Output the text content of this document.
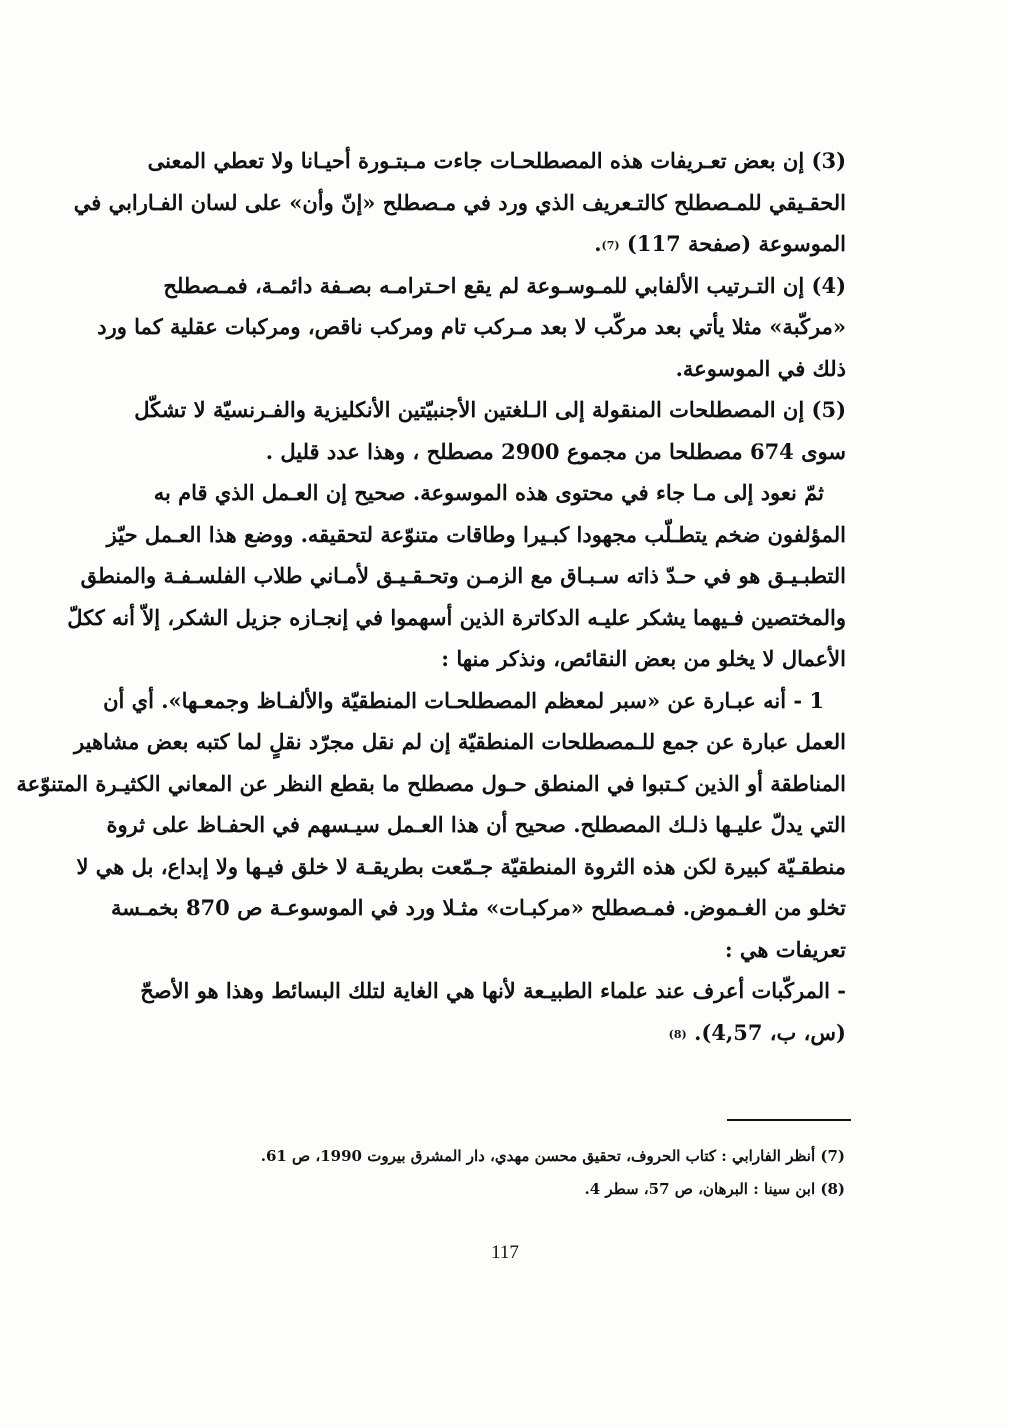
(3) إن بعض تعـريفات هذه المصطلحـات جاءت مـبتـورة أحيـانا ولا تعطي المعنى
الحقـيقي للمـصطلح كالتـعريف الذي ورد في مـصطلح «إنّ وأن» على لسان الفـارابي في
الموسوعة (صفحة 117) (7).
(4) إن التـرتيب الألفابي للمـوسـوعة لم يقع احـترامـه بصـفة دائمـة، فمـصطلح
«مركّبة» مثلا يأتي بعد مركّب لا بعد مـركب تام ومركب ناقص، ومركبات عقلية كما ورد
ذلك في الموسوعة.
(5) إن المصطلحات المنقولة إلى الـلغتين الأجنبيّتين الأنكليزية والفـرنسيّة لا تشكّل
سوى 674 مصطلحا من مجموع 2900 مصطلح ، وهذا عدد قليل .
ثمّ نعود إلى مـا جاء في محتوى هذه الموسوعة. صحيح إن العـمل الذي قام به
المؤلفون ضخم يتطـلّب مجهودا كبـيرا وطاقات متنوّعة لتحقيقه. ووضع هذا العـمل حيّز
التطبـيـق هو في حـدّ ذاته سـبـاق مع الزمـن وتحـقـيـق لأمـاني طلاب الفلسـفـة والمنطق
والمختصين فـيهما يشكر عليـه الدكاترة الذين أسهموا في إنجـازه جزيل الشكر، إلاّ أنه ككلّ
الأعمال لا يخلو من بعض النقائص، ونذكر منها :
1 - أنه عبـارة عن «سبر لمعظم المصطلحـات المنطقيّة والألفـاظ وجمعـها». أي أن
العمل عبارة عن جمع للـمصطلحات المنطقيّة إن لم نقل مجرّد نقلٍ لما كتبه بعض مشاهير
المناطقة أو الذين كـتبوا في المنطق حـول مصطلح ما بقطع النظر عن المعاني الكثيـرة المتنوّعة
التي يدلّ عليـها ذلـك المصطلح. صحيح أن هذا العـمل سيـسهم في الحفـاظ على ثروة
منطقـيّة كبيرة لكن هذه الثروة المنطقيّة جـمّعت بطريقـة لا خلق فيـها ولا إبداع، بل هي لا
تخلو من الغـموض. فمـصطلح «مركبـات» مثـلا ورد في الموسوعـة ص 870 بخمـسة
تعريفات هي :
- المركّبات أعرف عند علماء الطبيـعة لأنها هي الغاية لتلك البسائط وهذا هو الأصحّ
(س، ب، 4,57). (8)
(7) أنظر الفارابي : كتاب الحروف، تحقيق محسن مهدي، دار المشرق بيروت 1990، ص 61.
(8) ابن سينا : البرهان، ص 57، سطر 4.
117
